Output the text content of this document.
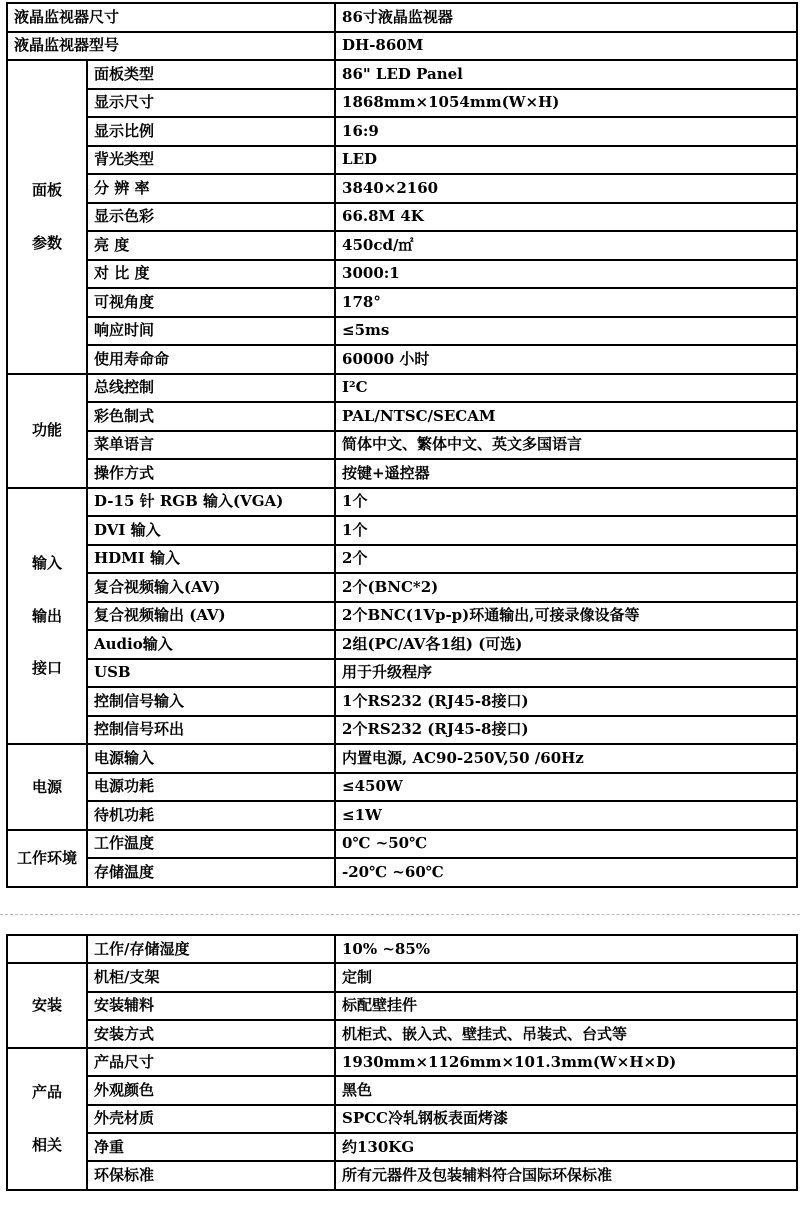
液晶监视器尺寸		86寸液晶监视器
液晶监视器型号		DH-860M

面板
参数	面板类型	86" LED Panel
	显示尺寸	1868mm×1054mm(W×H)
	显示比例	16:9
	背光类型	LED
	分 辨 率	3840×2160
	显示色彩	66.8M 4K
	亮 度	450cd/㎡
	对 比 度	3000:1
	可视角度	178°
	响应时间	≤5ms
	使用寿命命	60000 小时

功能	总线控制	I²C
	彩色制式	PAL/NTSC/SECAM
	菜单语言	简体中文、繁体中文、英文多国语言
	操作方式	按键+遥控器

输入
输出
接口	D-15 针 RGB 输入(VGA)	1个
	DVI 输入	1个
	HDMI 输入	2个
	复合视频输入(AV)	2个(BNC*2)
	复合视频输出 (AV)	2个BNC(1Vp-p)环通输出,可接录像设备等
	Audio输入	2组(PC/AV各1组) (可选)
	USB	用于升级程序
	控制信号输入	1个RS232 (RJ45-8接口)
	控制信号环出	2个RS232 (RJ45-8接口)

电源	电源输入	内置电源, AC90-250V,50 /60Hz
	电源功耗	≤450W
	待机功耗	≤1W

工作环境	工作温度	0℃ ~50℃
	存储温度	-20℃ ~60℃
	工作/存储湿度	10% ~85%

安装	机柜/支架	定制
	安装辅料	标配壁挂件
	安装方式	机柜式、嵌入式、壁挂式、吊装式、台式等

产品
相关	产品尺寸	1930mm×1126mm×101.3mm(W×H×D)
	外观颜色	黑色
	外壳材质	SPCC冷轧钢板表面烤漆
	净重	约130KG
	环保标准	所有元器件及包装辅料符合国际环保标准
